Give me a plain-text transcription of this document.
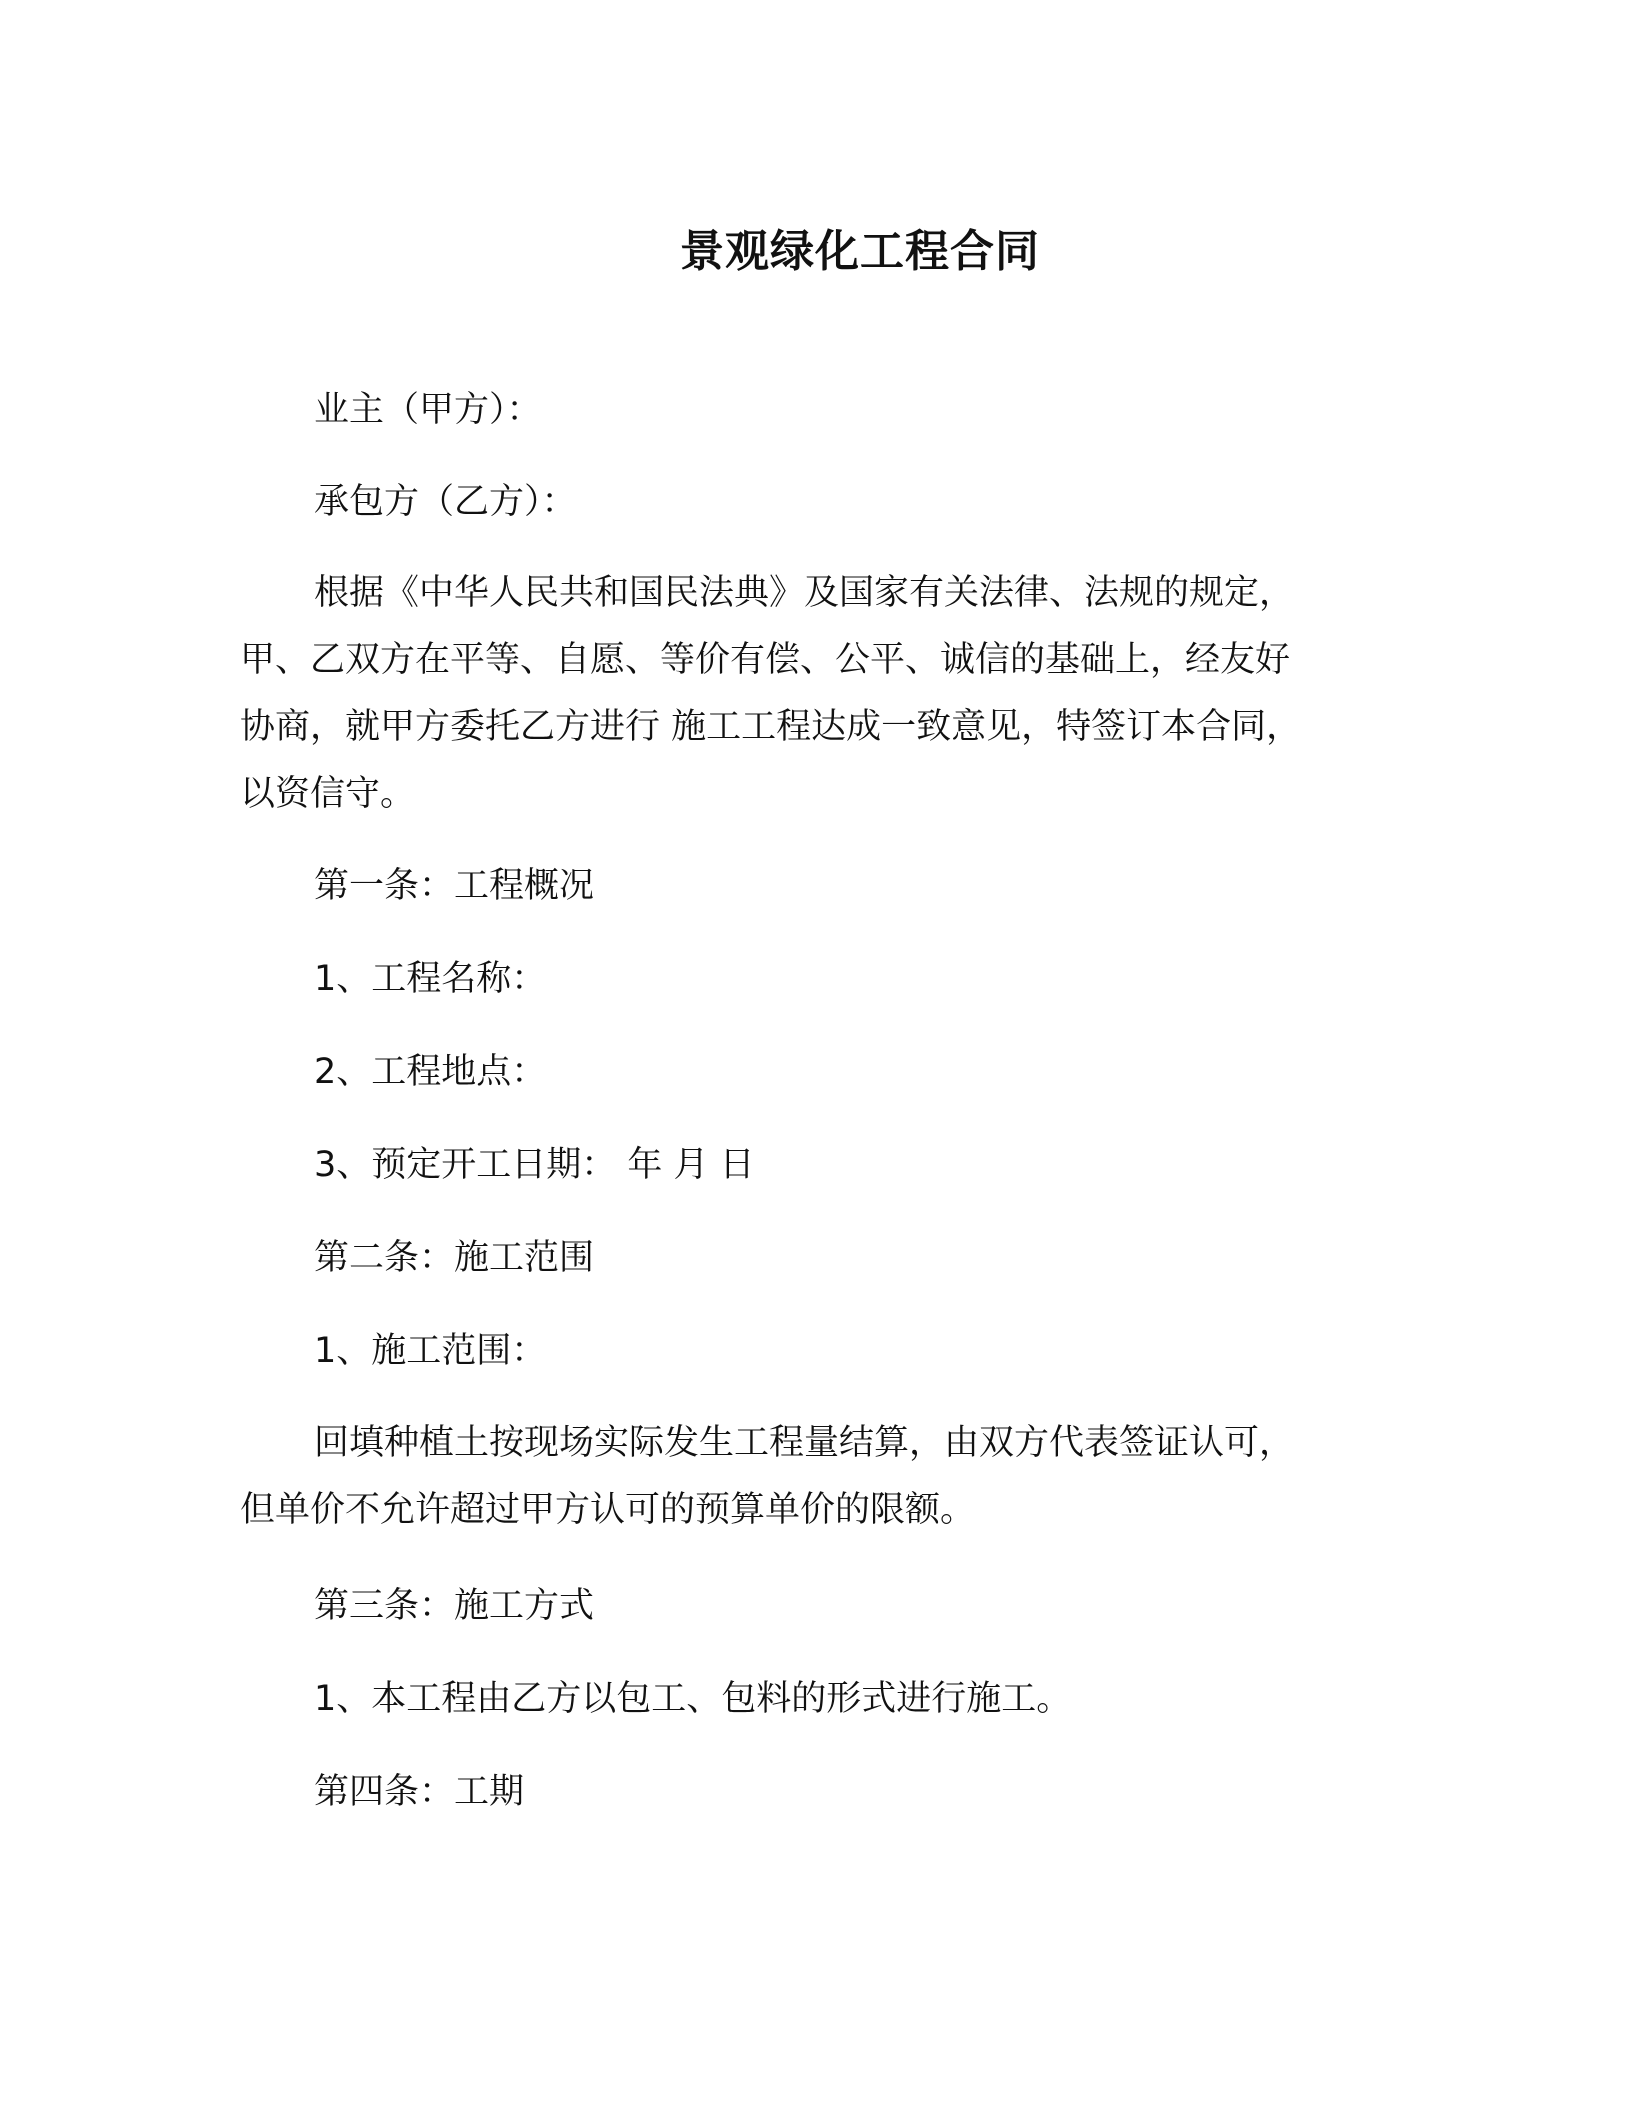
景观绿化工程合同
业主（甲方）：
承包方（乙方）：
根据《中华人民共和国民法典》及国家有关法律、法规的规定，
甲、乙双方在平等、自愿、等价有偿、公平、诚信的基础上，经友好
协商，就甲方委托乙方进行 施工工程达成一致意见，特签订本合同，
以资信守。
第一条：工程概况
1、工程名称：
2、工程地点：
3、预定开工日期： 年 月 日
第二条：施工范围
1、施工范围：
回填种植土按现场实际发生工程量结算，由双方代表签证认可，
但单价不允许超过甲方认可的预算单价的限额。
第三条：施工方式
1、本工程由乙方以包工、包料的形式进行施工。
第四条：工期
